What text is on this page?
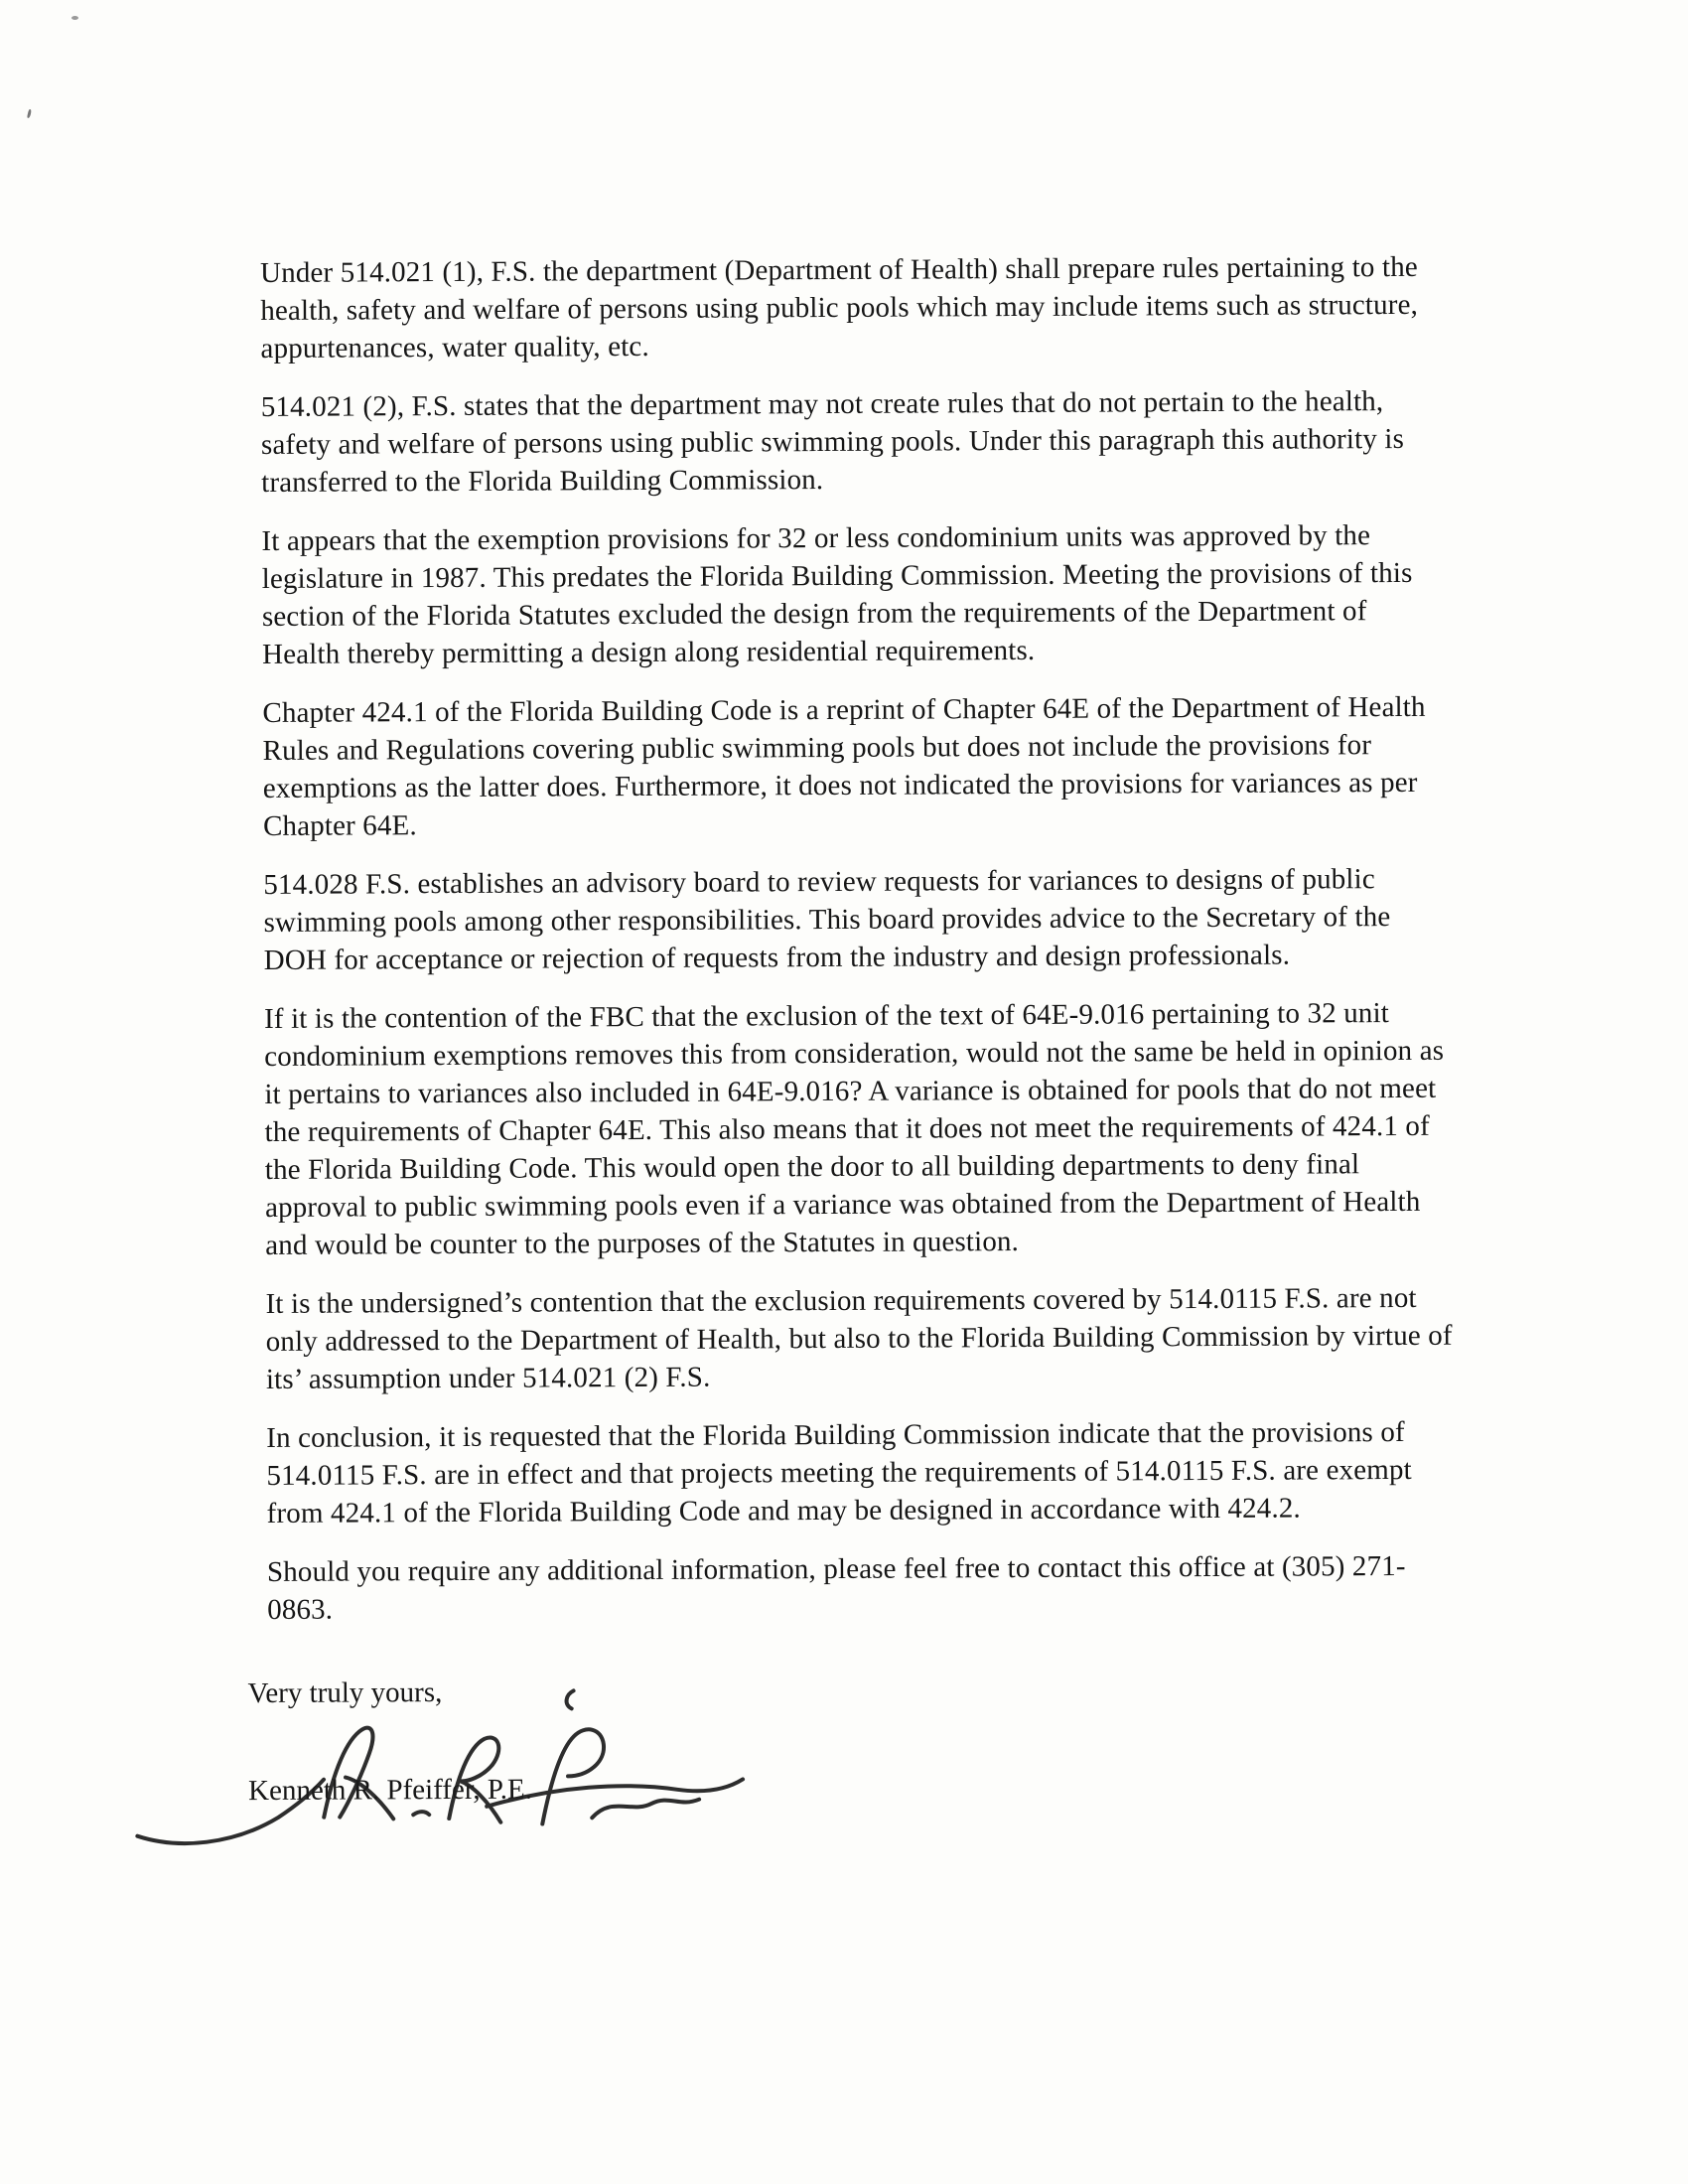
Under 514.021 (1), F.S. the department (Department of Health) shall prepare rules pertaining to the health, safety and welfare of persons using public pools which may include items such as structure, appurtenances, water quality, etc.

514.021 (2), F.S. states that the department may not create rules that do not pertain to the health, safety and welfare of persons using public swimming pools. Under this paragraph this authority is transferred to the Florida Building Commission.

It appears that the exemption provisions for 32 or less condominium units was approved by the legislature in 1987. This predates the Florida Building Commission. Meeting the provisions of this section of the Florida Statutes excluded the design from the requirements of the Department of Health thereby permitting a design along residential requirements.

Chapter 424.1 of the Florida Building Code is a reprint of Chapter 64E of the Department of Health Rules and Regulations covering public swimming pools but does not include the provisions for exemptions as the latter does. Furthermore, it does not indicated the provisions for variances as per Chapter 64E.

514.028 F.S. establishes an advisory board to review requests for variances to designs of public swimming pools among other responsibilities. This board provides advice to the Secretary of the DOH for acceptance or rejection of requests from the industry and design professionals.

If it is the contention of the FBC that the exclusion of the text of 64E-9.016 pertaining to 32 unit condominium exemptions removes this from consideration, would not the same be held in opinion as it pertains to variances also included in 64E-9.016? A variance is obtained for pools that do not meet the requirements of Chapter 64E. This also means that it does not meet the requirements of 424.1 of the Florida Building Code. This would open the door to all building departments to deny final approval to public swimming pools even if a variance was obtained from the Department of Health and would be counter to the purposes of the Statutes in question.

It is the undersigned’s contention that the exclusion requirements covered by 514.0115 F.S. are not only addressed to the Department of Health, but also to the Florida Building Commission by virtue of its’ assumption under 514.021 (2) F.S.

In conclusion, it is requested that the Florida Building Commission indicate that the provisions of 514.0115 F.S. are in effect and that projects meeting the requirements of 514.0115 F.S. are exempt from 424.1 of the Florida Building Code and may be designed in accordance with 424.2.

Should you require any additional information, please feel free to contact this office at (305) 271-0863.

Very truly yours,
Kenneth R. Pfeiffer, P.E.
